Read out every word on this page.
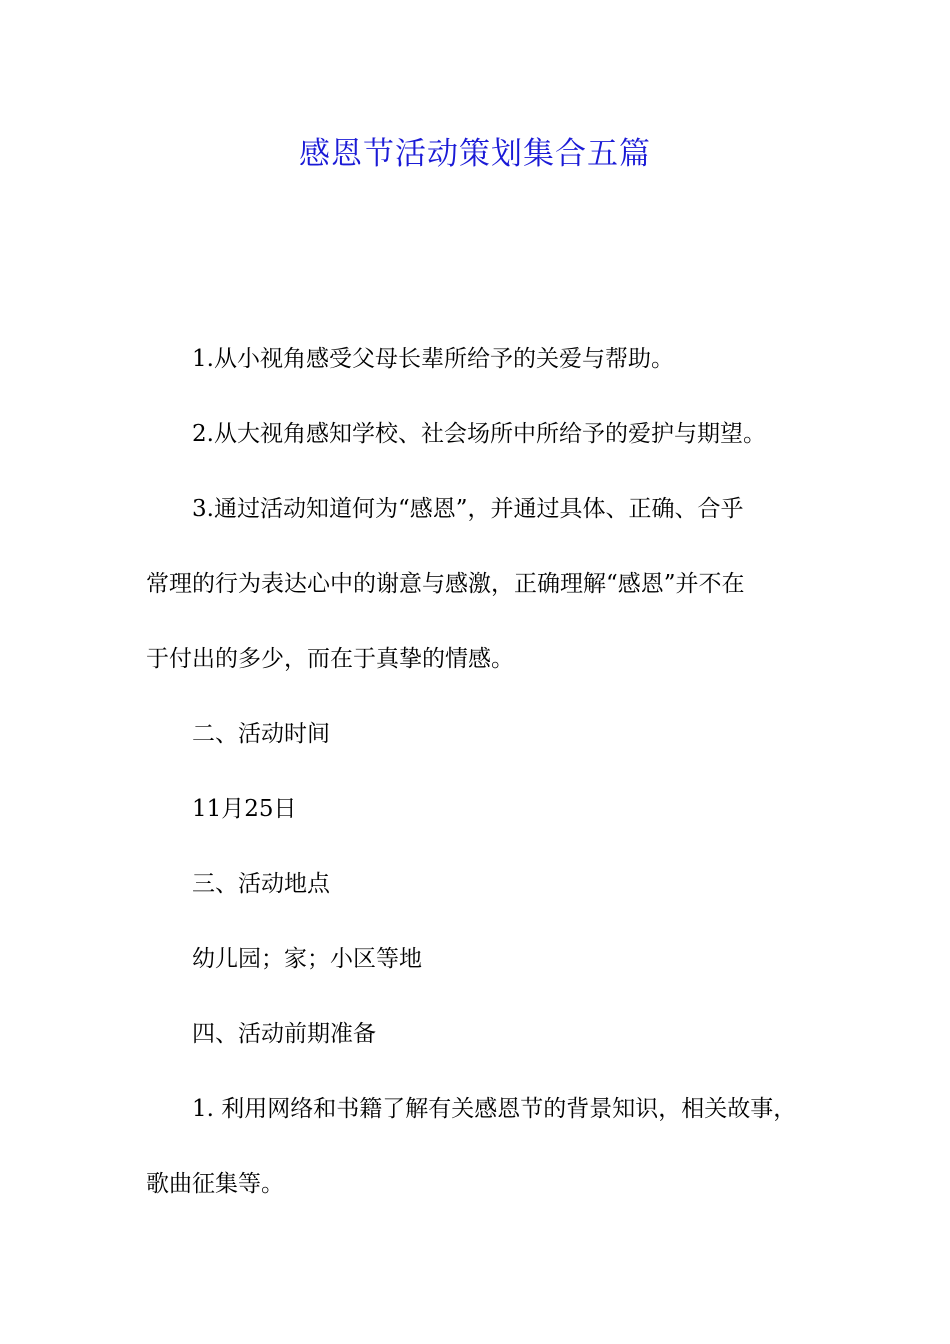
感恩节活动策划集合五篇

1.从小视角感受父母长辈所给予的关爱与帮助。

2.从大视角感知学校、社会场所中所给予的爱护与期望。

3.通过活动知道何为“感恩”，并通过具体、正确、合乎
常理的行为表达心中的谢意与感激，正确理解“感恩”并不在
于付出的多少，而在于真挚的情感。

二、活动时间

11月25日

三、活动地点

幼儿园；家；小区等地

四、活动前期准备

1. 利用网络和书籍了解有关感恩节的背景知识，相关故事，
歌曲征集等。
